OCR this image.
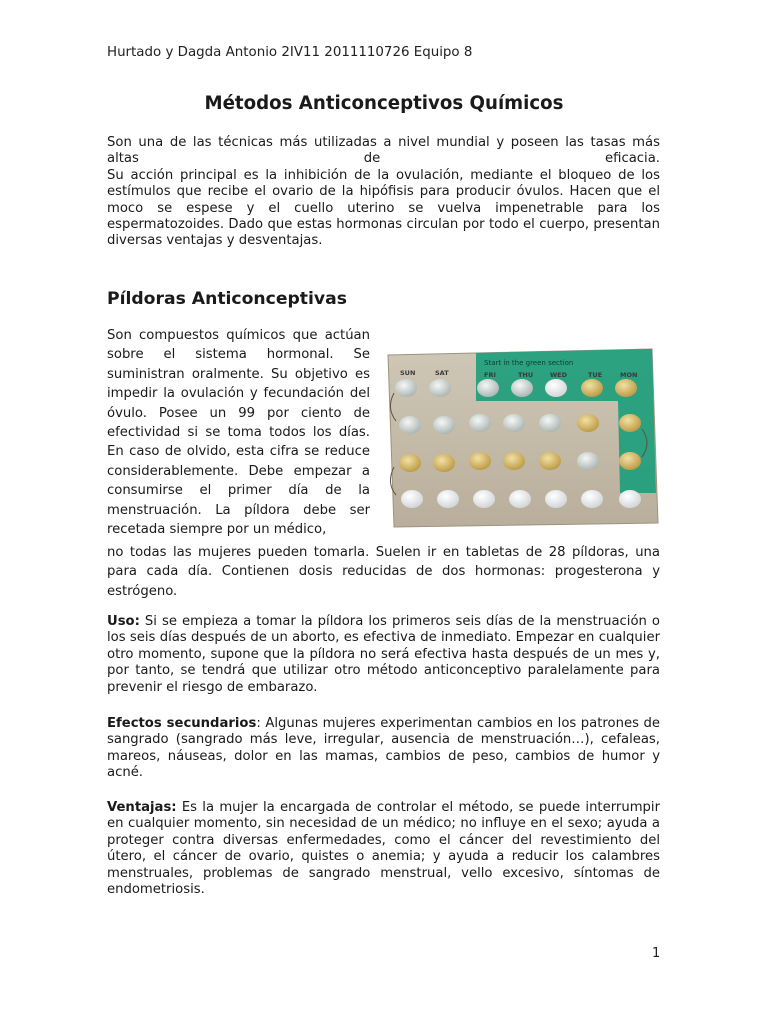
Hurtado y Dagda Antonio 2IV11 2011110726 Equipo 8
Métodos Anticonceptivos Químicos

Son una de las técnicas más utilizadas a nivel mundial y poseen las tasas más altas de eficacia.

Su acción principal es la inhibición de la ovulación, mediante el bloqueo de los estímulos que recibe el ovario de la hipófisis para producir óvulos. Hacen que el moco se espese y el cuello uterino se vuelva impenetrable para los espermatozoides. Dado que estas hormonas circulan por todo el cuerpo, presentan diversas ventajas y desventajas.

Píldoras Anticonceptivas
Son compuestos químicos que actúan sobre el sistema hormonal. Se suministran oralmente. Su objetivo es impedir la ovulación y fecundación del óvulo. Posee un 99 por ciento de efectividad si se toma todos los días. En caso de olvido, esta cifra se reduce considerablemente. Debe empezar a consumirse el primer día de la menstruación. La píldora debe ser recetada siempre por un médico,
Start in the green section
SUN	SAT	FRI	THU	WED	TUE	MON
no todas las mujeres pueden tomarla. Suelen ir en tabletas de 28 píldoras, una para cada día. Contienen dosis reducidas de dos hormonas: progesterona y estrógeno.
Uso: Si se empieza a tomar la píldora los primeros seis días de la menstruación o los seis días después de un aborto, es efectiva de inmediato. Empezar en cualquier otro momento, supone que la píldora no será efectiva hasta después de un mes y, por tanto, se tendrá que utilizar otro método anticonceptivo paralelamente para prevenir el riesgo de embarazo.
Efectos secundarios: Algunas mujeres experimentan cambios en los patrones de sangrado (sangrado más leve, irregular, ausencia de menstruación…), cefaleas, mareos, náuseas, dolor en las mamas, cambios de peso, cambios de humor y acné.
Ventajas: Es la mujer la encargada de controlar el método, se puede interrumpir en cualquier momento, sin necesidad de un médico; no influye en el sexo; ayuda a proteger contra diversas enfermedades, como el cáncer del revestimiento del útero, el cáncer de ovario, quistes o anemia; y ayuda a reducir los calambres menstruales, problemas de sangrado menstrual, vello excesivo, síntomas de endometriosis.
1
